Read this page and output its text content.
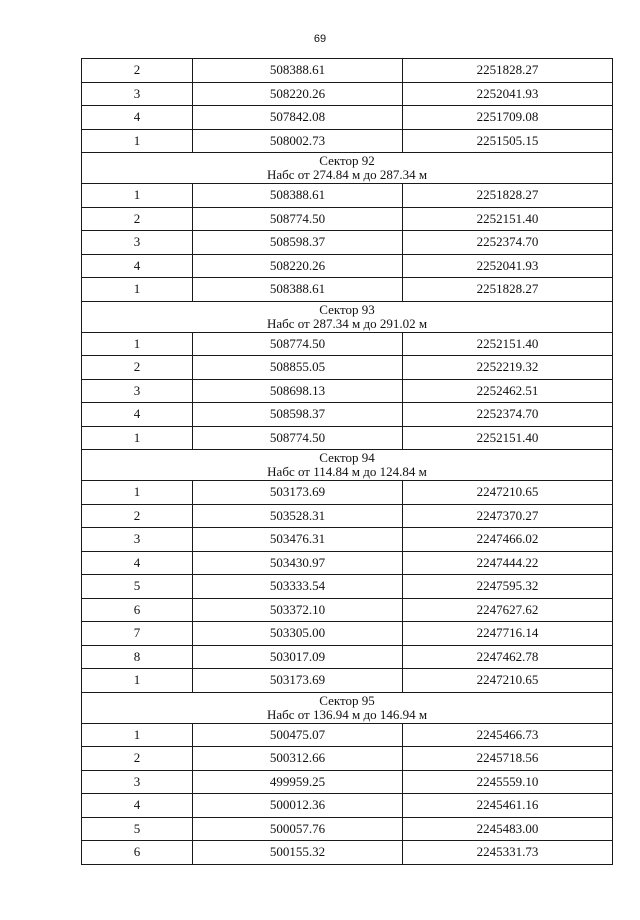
69
2	508388.61	2251828.27
3	508220.26	2252041.93
4	507842.08	2251709.08
1	508002.73	2251505.15

Сектор 92
Набс от 274.84 м до 287.34 м		

1	508388.61	2251828.27
2	508774.50	2252151.40
3	508598.37	2252374.70
4	508220.26	2252041.93
1	508388.61	2251828.27

Сектор 93
Набс от 287.34 м до 291.02 м		

1	508774.50	2252151.40
2	508855.05	2252219.32
3	508698.13	2252462.51
4	508598.37	2252374.70
1	508774.50	2252151.40

Сектор 94
Набс от 114.84 м до 124.84 м		

1	503173.69	2247210.65
2	503528.31	2247370.27
3	503476.31	2247466.02
4	503430.97	2247444.22
5	503333.54	2247595.32
6	503372.10	2247627.62
7	503305.00	2247716.14
8	503017.09	2247462.78
1	503173.69	2247210.65

Сектор 95
Набс от 136.94 м до 146.94 м		

1	500475.07	2245466.73
2	500312.66	2245718.56
3	499959.25	2245559.10
4	500012.36	2245461.16
5	500057.76	2245483.00
6	500155.32	2245331.73
